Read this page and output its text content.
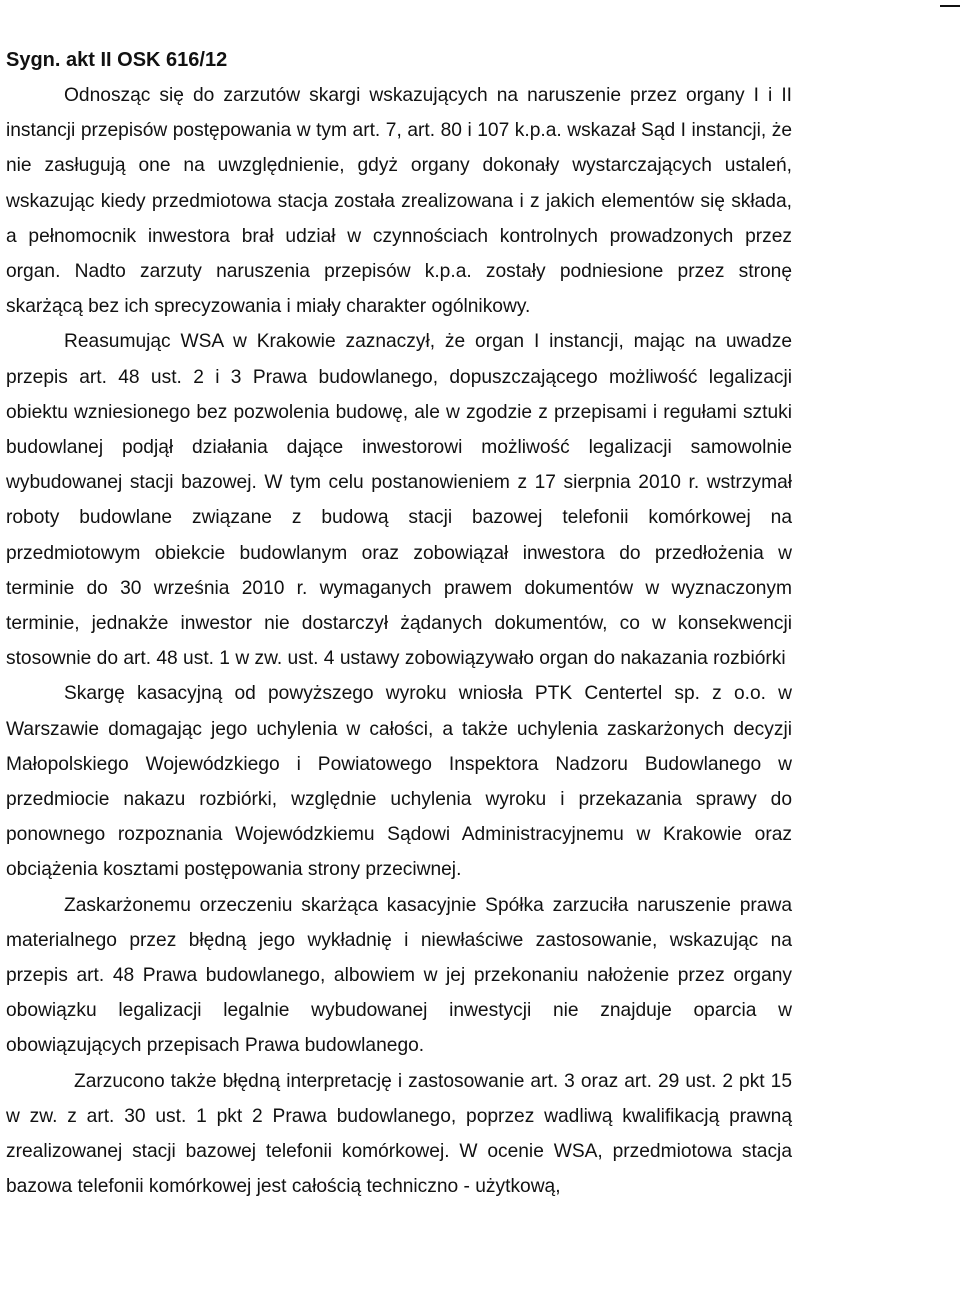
Sygn. akt II OSK 616/12

Odnosząc się do zarzutów skargi wskazujących na naruszenie przez organy I i II instancji przepisów postępowania w tym art. 7, art. 80 i 107 k.p.a. wskazał Sąd I instancji, że nie zasługują one na uwzględnienie, gdyż organy dokonały wystarczających ustaleń, wskazując kiedy przedmiotowa stacja została zrealizowana i z jakich elementów się składa, a pełnomocnik inwestora brał udział w czynnościach kontrolnych prowadzonych przez organ. Nadto zarzuty naruszenia przepisów k.p.a. zostały podniesione przez stronę skarżącą bez ich sprecyzowania i miały charakter ogólnikowy.

Reasumując WSA w Krakowie zaznaczył, że organ I instancji, mając na uwadze przepis art. 48 ust. 2 i 3 Prawa budowlanego, dopuszczającego możliwość legalizacji obiektu wzniesionego bez pozwolenia budowę, ale w zgodzie z przepisami i regułami sztuki budowlanej podjął działania dające inwestorowi możliwość legalizacji samowolnie wybudowanej stacji bazowej. W tym celu postanowieniem z 17 sierpnia 2010 r. wstrzymał roboty budowlane związane z budową stacji bazowej telefonii komórkowej na przedmiotowym obiekcie budowlanym oraz zobowiązał inwestora do przedłożenia w terminie do 30 września 2010 r. wymaganych prawem dokumentów w wyznaczonym terminie, jednakże inwestor nie dostarczył żądanych dokumentów, co w konsekwencji stosownie do art. 48 ust. 1 w zw. ust. 4 ustawy zobowiązywało organ do nakazania rozbiórki

Skargę kasacyjną od powyższego wyroku wniosła PTK Centertel sp. z o.o. w Warszawie domagając jego uchylenia w całości, a także uchylenia zaskarżonych decyzji Małopolskiego Wojewódzkiego i Powiatowego Inspektora Nadzoru Budowlanego w przedmiocie nakazu rozbiórki, względnie uchylenia wyroku i przekazania sprawy do ponownego rozpoznania Wojewódzkiemu Sądowi Administracyjnemu w Krakowie oraz obciążenia kosztami postępowania strony przeciwnej.

Zaskarżonemu orzeczeniu skarżąca kasacyjnie Spółka zarzuciła naruszenie prawa materialnego przez błędną jego wykładnię i niewłaściwe zastosowanie, wskazując na przepis art. 48 Prawa budowlanego, albowiem w jej przekonaniu nałożenie przez organy obowiązku legalizacji legalnie wybudowanej inwestycji nie znajduje oparcia w obowiązujących przepisach Prawa budowlanego.

Zarzucono także błędną interpretację i zastosowanie art. 3 oraz art. 29 ust. 2 pkt 15 w zw. z art. 30 ust. 1 pkt 2 Prawa budowlanego, poprzez wadliwą kwalifikacją prawną zrealizowanej stacji bazowej telefonii komórkowej. W ocenie WSA, przedmiotowa stacja bazowa telefonii komórkowej jest całością techniczno - użytkową,
